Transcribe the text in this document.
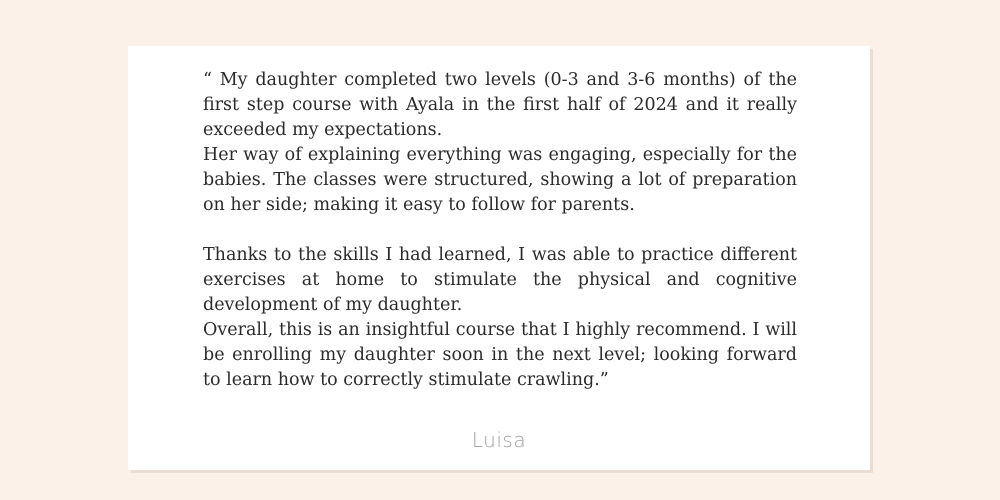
“ My daughter completed two levels (0-3 and 3-6 months) of the first step course with Ayala in the first half of 2024 and it really exceeded my expectations.

Her way of explaining everything was engaging, especially for the babies. The classes were structured, showing a lot of preparation on her side; making it easy to follow for parents.

Thanks to the skills I had learned, I was able to practice different exercises at home to stimulate the physical and cognitive development of my daughter.

Overall, this is an insightful course that I highly recommend. I will be enrolling my daughter soon in the next level; looking forward to learn how to correctly stimulate crawling.”

Luisa
